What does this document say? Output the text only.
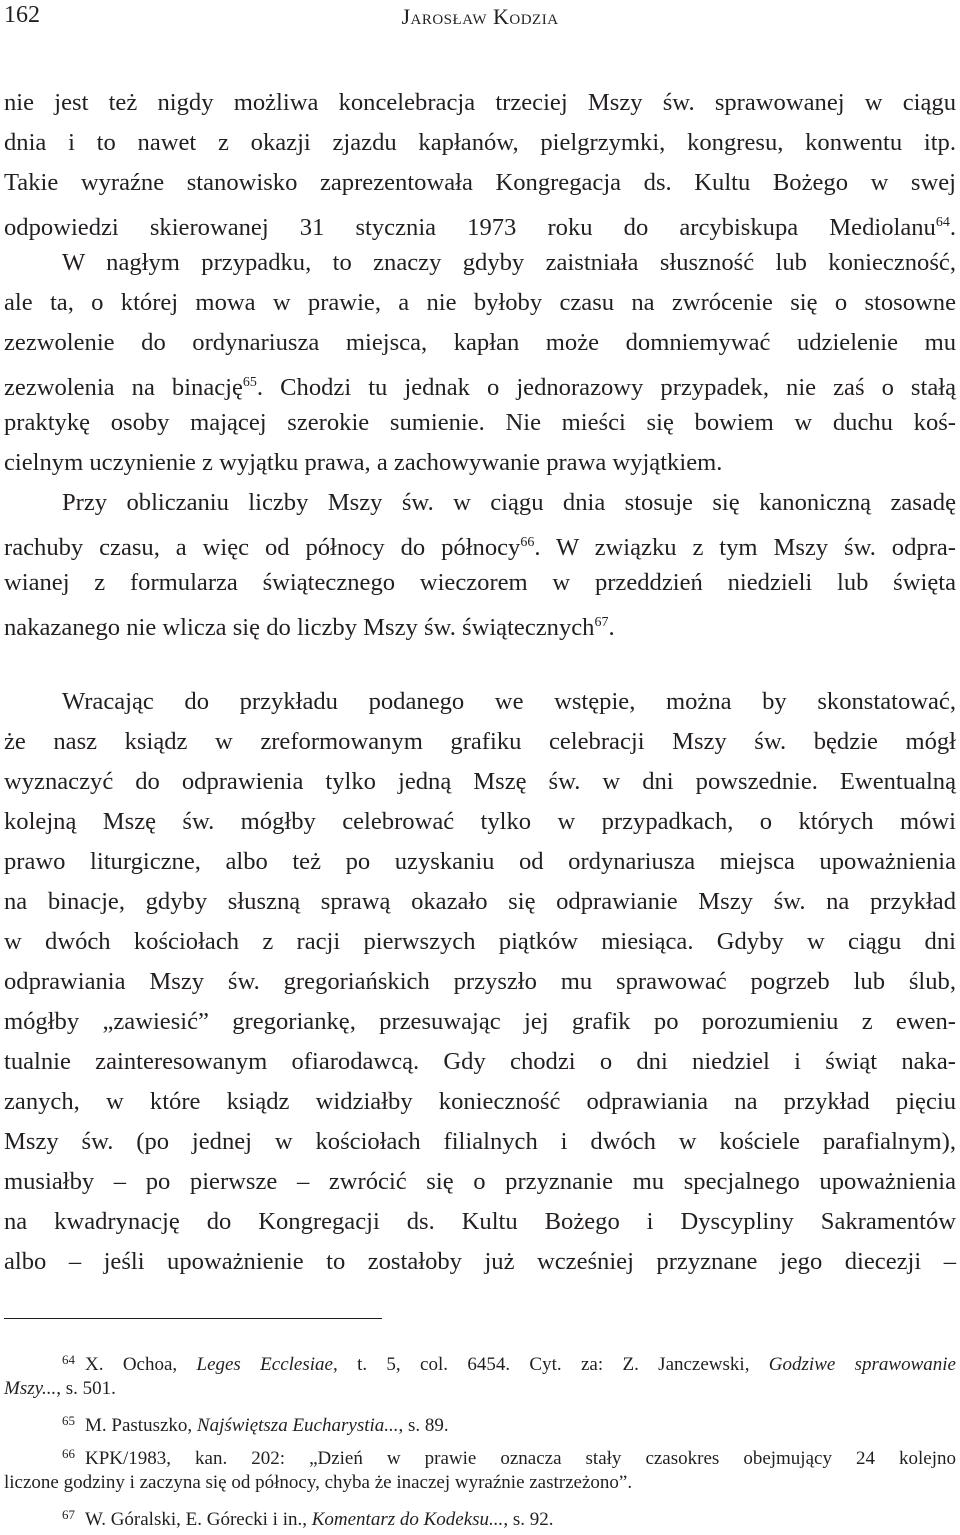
162	Jarosław Kodzia
nie jest też nigdy możliwa koncelebracja trzeciej Mszy św. sprawowanej w ciągu
dnia i to nawet z okazji zjazdu kapłanów, pielgrzymki, kongresu, konwentu itp.
Takie wyraźne stanowisko zaprezentowała Kongregacja ds. Kultu Bożego w swej
odpowiedzi skierowanej 31 stycznia 1973 roku do arcybiskupa Mediolanu$^{64}$.
W nagłym przypadku, to znaczy gdyby zaistniała słuszność lub konieczność,
ale ta, o której mowa w prawie, a nie byłoby czasu na zwrócenie się o stosowne
zezwolenie do ordynariusza miejsca, kapłan może domniemywać udzielenie mu
zezwolenia na binację$^{65}$. Chodzi tu jednak o jednorazowy przypadek, nie zaś o stałą
praktykę osoby mającej szerokie sumienie. Nie mieści się bowiem w duchu koś-
cielnym uczynienie z wyjątku prawa, a zachowywanie prawa wyjątkiem.
Przy obliczaniu liczby Mszy św. w ciągu dnia stosuje się kanoniczną zasadę
rachuby czasu, a więc od północy do północy$^{66}$. W związku z tym Mszy św. odpra-
wianej z formularza świątecznego wieczorem w przeddzień niedzieli lub święta
nakazanego nie wlicza się do liczby Mszy św. świątecznych$^{67}$.
Wracając do przykładu podanego we wstępie, można by skonstatować,
że nasz ksiądz w zreformowanym grafiku celebracji Mszy św. będzie mógł
wyznaczyć do odprawienia tylko jedną Mszę św. w dni powszednie. Ewentualną
kolejną Mszę św. mógłby celebrować tylko w przypadkach, o których mówi
prawo liturgiczne, albo też po uzyskaniu od ordynariusza miejsca upoważnienia
na binacje, gdyby słuszną sprawą okazało się odprawianie Mszy św. na przykład
w dwóch kościołach z racji pierwszych piątków miesiąca. Gdyby w ciągu dni
odprawiania Mszy św. gregoriańskich przyszło mu sprawować pogrzeb lub ślub,
mógłby „zawiesić” gregoriankę, przesuwając jej grafik po porozumieniu z ewen-
tualnie zainteresowanym ofiarodawcą. Gdy chodzi o dni niedziel i świąt naka-
zanych, w które ksiądz widziałby konieczność odprawiania na przykład pięciu
Mszy św. (po jednej w kościołach filialnych i dwóch w kościele parafialnym),
musiałby – po pierwsze – zwrócić się o przyznanie mu specjalnego upoważnienia
na kwadrynację do Kongregacji ds. Kultu Bożego i Dyscypliny Sakramentów
albo – jeśli upoważnienie to zostałoby już wcześniej przyznane jego diecezji –
$^{64}$ X. Ochoa, Leges Ecclesiae, t. 5, col. 6454. Cyt. za: Z. Janczewski, Godziwe sprawowanie
Mszy..., s. 501.
$^{65}$ M. Pastuszko, Najświętsza Eucharystia..., s. 89.
$^{66}$ KPK/1983, kan. 202: „Dzień w prawie oznacza stały czasokres obejmujący 24 kolejno
liczone godziny i zaczyna się od północy, chyba że inaczej wyraźnie zastrzeżono”.
$^{67}$ W. Góralski, E. Górecki i in., Komentarz do Kodeksu..., s. 92.
